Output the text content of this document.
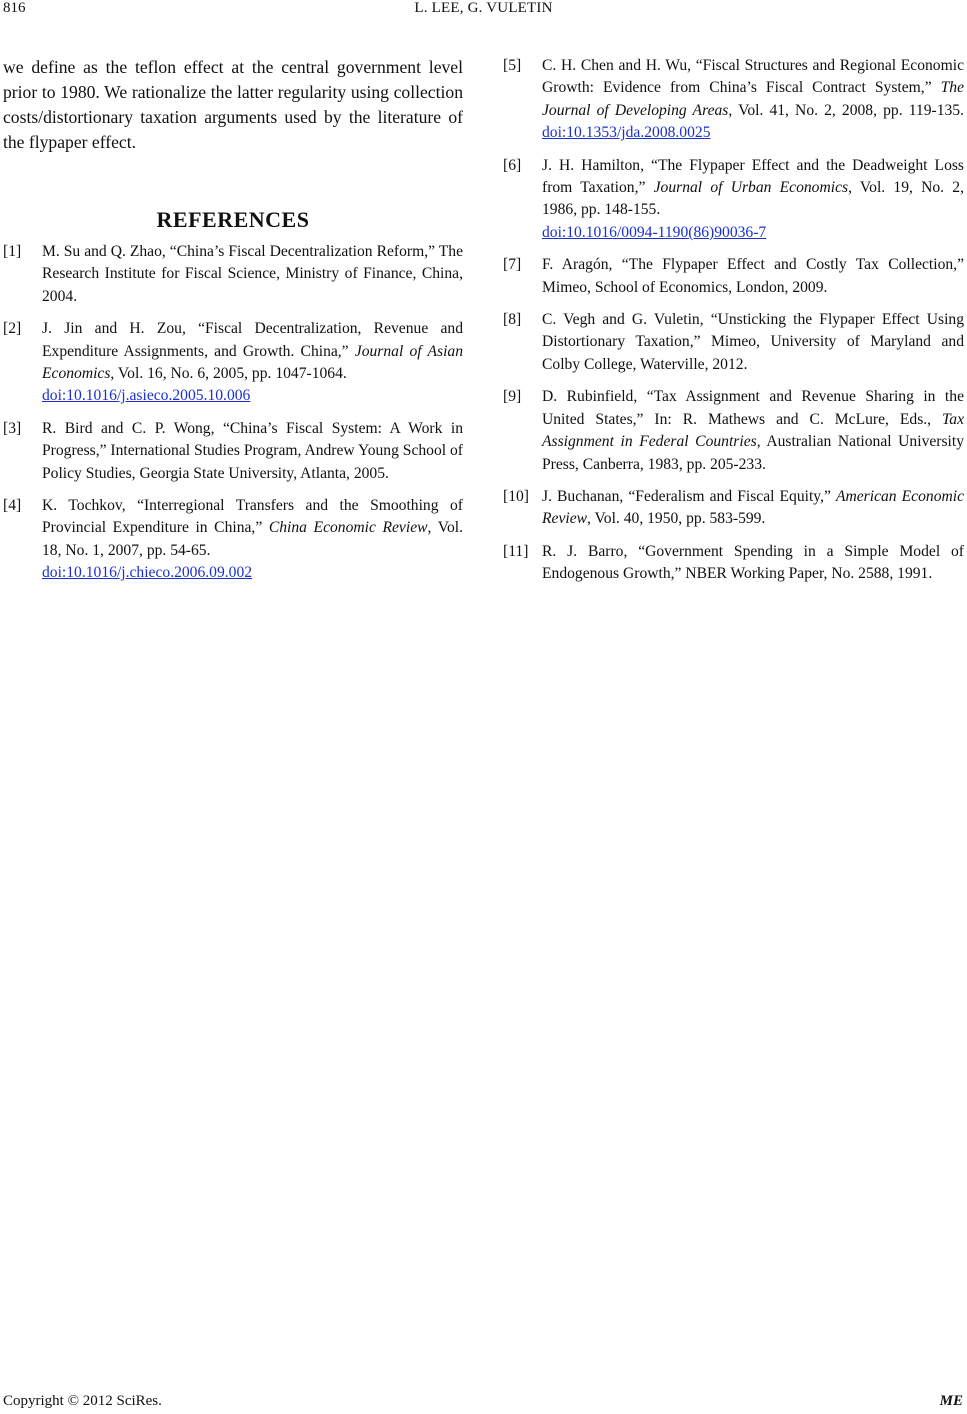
816	L. LEE, G. VULETIN

we define as the teflon effect at the central government level prior to 1980. We rationalize the latter regularity using collection costs/distortionary taxation arguments used by the literature of the flypaper effect.

REFERENCES
[1] M. Su and Q. Zhao, “China’s Fiscal Decentralization Reform,” The Research Institute for Fiscal Science, Ministry of Finance, China, 2004.
[2] J. Jin and H. Zou, “Fiscal Decentralization, Revenue and Expenditure Assignments, and Growth. China,” Journal of Asian Economics, Vol. 16, No. 6, 2005, pp. 1047-1064.
doi:10.1016/j.asieco.2005.10.006
[3] R. Bird and C. P. Wong, “China’s Fiscal System: A Work in Progress,” International Studies Program, Andrew Young School of Policy Studies, Georgia State University, Atlanta, 2005.
[4] K. Tochkov, “Interregional Transfers and the Smoothing of Provincial Expenditure in China,” China Economic Review, Vol. 18, No. 1, 2007, pp. 54-65.
doi:10.1016/j.chieco.2006.09.002
[5] C. H. Chen and H. Wu, “Fiscal Structures and Regional Economic Growth: Evidence from China’s Fiscal Contract System,” The Journal of Developing Areas, Vol. 41, No. 2, 2008, pp. 119-135. doi:10.1353/jda.2008.0025
[6] J. H. Hamilton, “The Flypaper Effect and the Deadweight Loss from Taxation,” Journal of Urban Economics, Vol. 19, No. 2, 1986, pp. 148-155.
doi:10.1016/0094-1190(86)90036-7
[7] F. Aragón, “The Flypaper Effect and Costly Tax Collection,” Mimeo, School of Economics, London, 2009.
[8] C. Vegh and G. Vuletin, “Unsticking the Flypaper Effect Using Distortionary Taxation,” Mimeo, University of Maryland and Colby College, Waterville, 2012.
[9] D. Rubinfield, “Tax Assignment and Revenue Sharing in the United States,” In: R. Mathews and C. McLure, Eds., Tax Assignment in Federal Countries, Australian National University Press, Canberra, 1983, pp. 205-233.
[10] J. Buchanan, “Federalism and Fiscal Equity,” American Economic Review, Vol. 40, 1950, pp. 583-599.
[11] R. J. Barro, “Government Spending in a Simple Model of Endogenous Growth,” NBER Working Paper, No. 2588, 1991.
Copyright © 2012 SciRes.	ME
